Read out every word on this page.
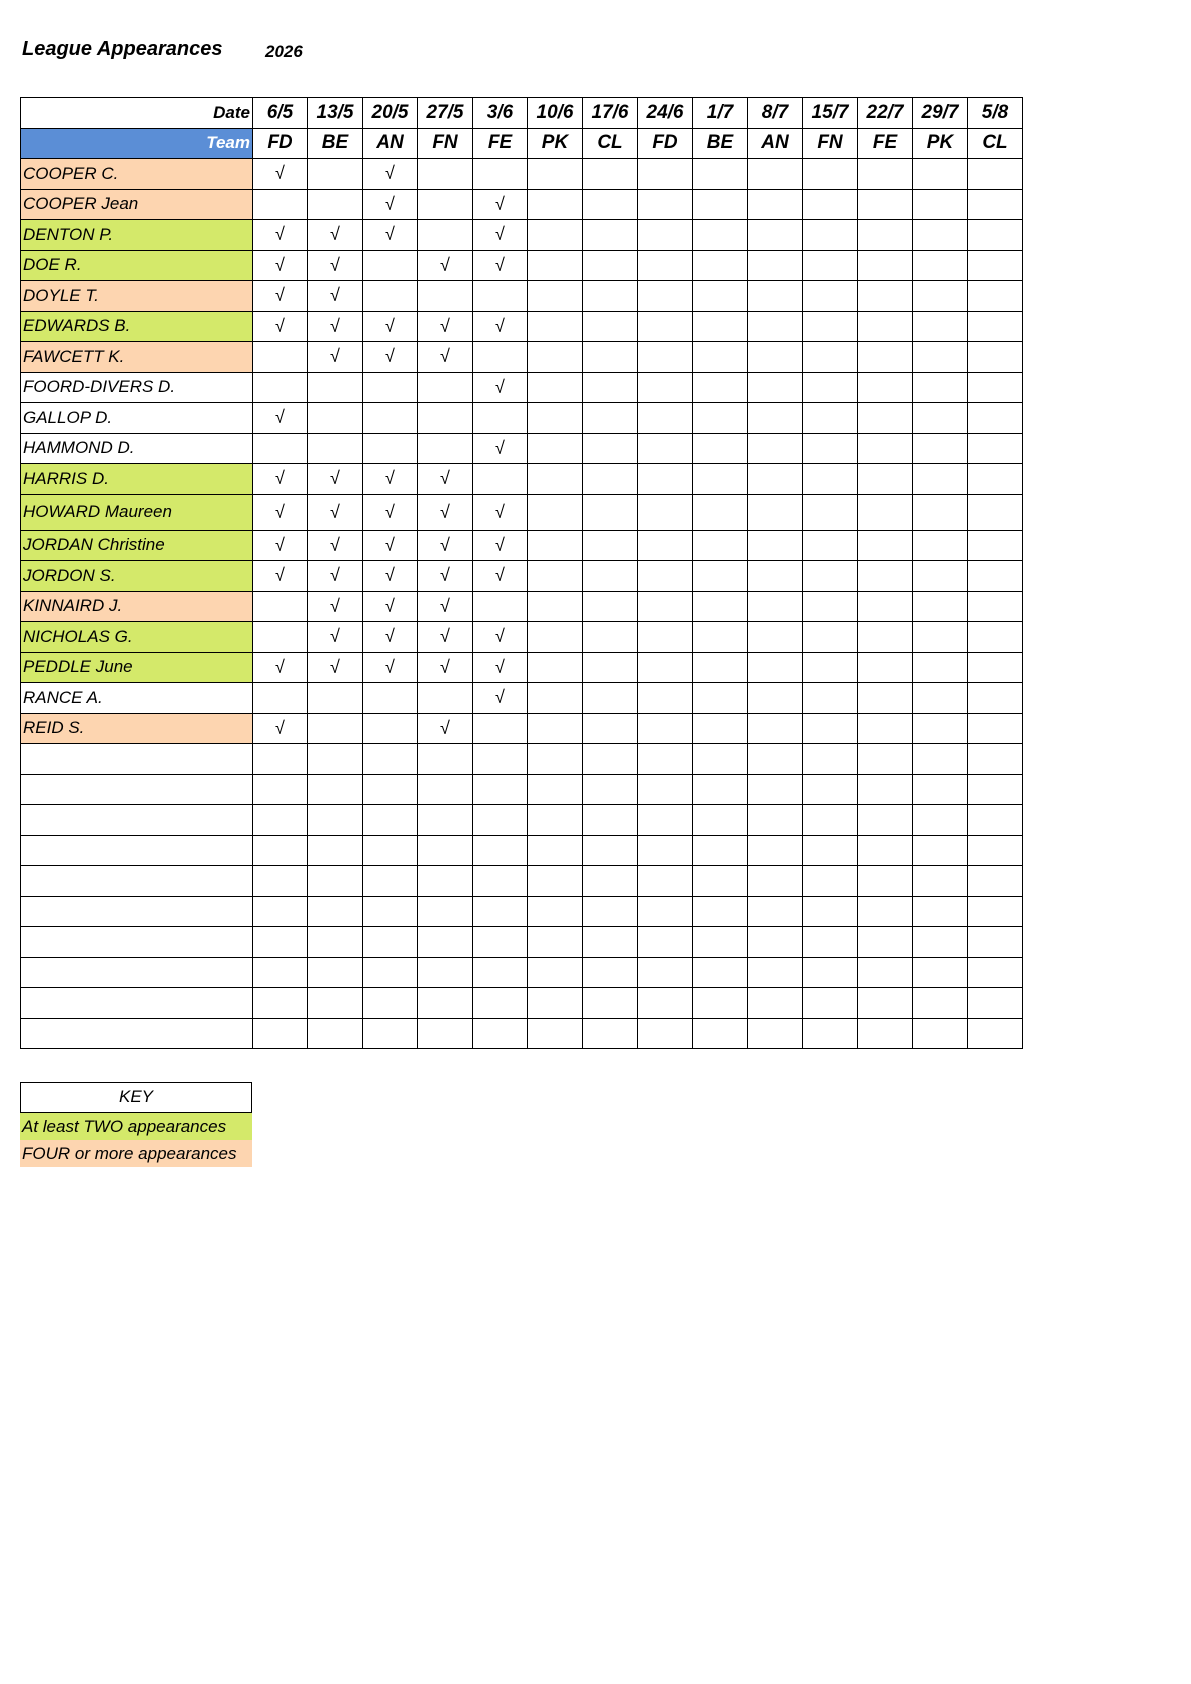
League Appearances	2026
Date	6/5	13/5	20/5	27/5	3/6	10/6	17/6	24/6	1/7	8/7	15/7	22/7	29/7	5/8
Team	FD	BE	AN	FN	FE	PK	CL	FD	BE	AN	FN	FE	PK	CL
COOPER C.	√		√											
COOPER Jean			√		√									
DENTON P.	√	√	√		√									
DOE R.	√	√		√	√									
DOYLE T.	√	√												
EDWARDS B.	√	√	√	√	√									
FAWCETT K.		√	√	√										
FOORD-DIVERS D.					√									
GALLOP D.	√													
HAMMOND D.					√									
HARRIS D.	√	√	√	√										
HOWARD Maureen	√	√	√	√	√									
JORDAN Christine	√	√	√	√	√									
JORDON S.	√	√	√	√	√									
KINNAIRD J.		√	√	√										
NICHOLAS G.		√	√	√	√									
PEDDLE June	√	√	√	√	√									
RANCE A.					√									
REID S.	√			√										

KEY
At least TWO appearances
FOUR or more appearances
